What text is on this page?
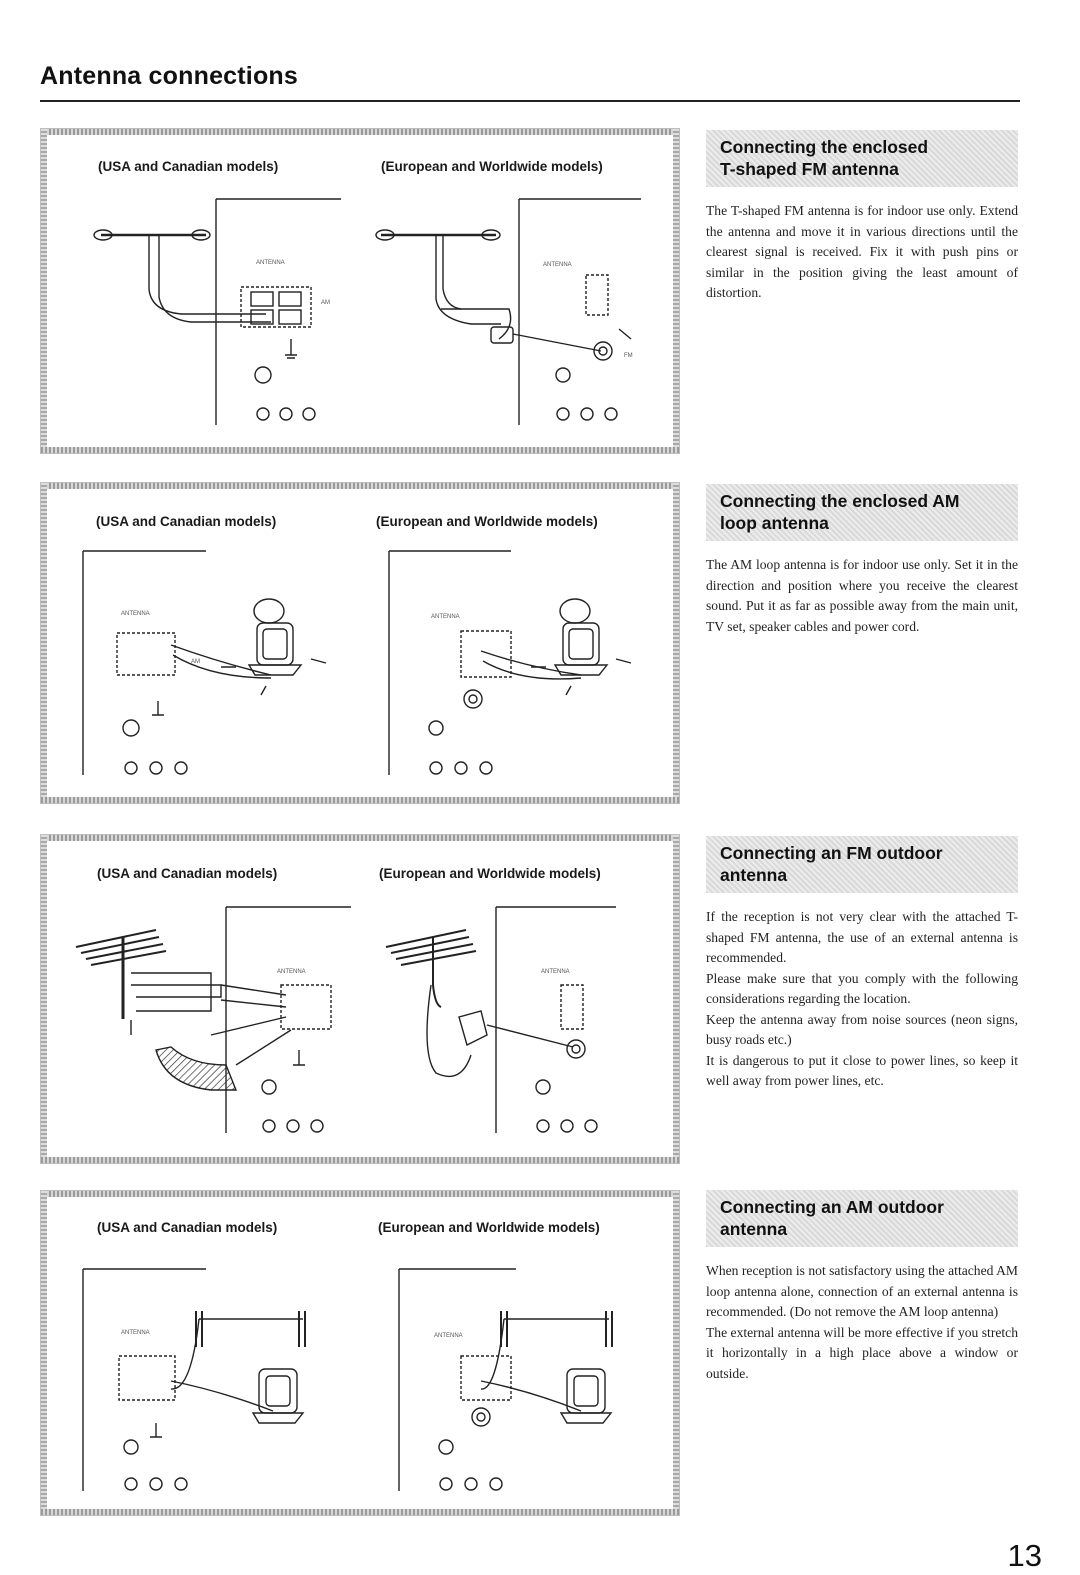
Antenna connections
(USA and Canadian models)	(European and Worldwide models)
ANTENNA
AM
ANTENNA
FM
(USA and Canadian models)	(European and Worldwide models)
ANTENNA
AM
ANTENNA
(USA and Canadian models)	(European and Worldwide models)
ANTENNA	ANTENNA
(USA and Canadian models)	(European and Worldwide models)
ANTENNA	ANTENNA
Connecting the enclosed
T-shaped FM antenna

The T-shaped FM antenna is for indoor use only. Extend the antenna and move it in various directions until the clearest signal is received. Fix it with push pins or similar in the position giving the least amount of distortion.

Connecting the enclosed AM
loop antenna

The AM loop antenna is for indoor use only. Set it in the direction and position where you receive the clearest sound. Put it as far as possible away from the main unit, TV set, speaker cables and power cord.

Connecting an FM outdoor
antenna

If the reception is not very clear with the attached T-shaped FM antenna, the use of an external antenna is recommended.

Please make sure that you comply with the following considerations regarding the location.

Keep the antenna away from noise sources (neon signs, busy roads etc.)

It is dangerous to put it close to power lines, so keep it well away from power lines, etc.

Connecting an AM outdoor
antenna

When reception is not satisfactory using the attached AM loop antenna alone, connection of an external antenna is recommended. (Do not remove the AM loop antenna)

The external antenna will be more effective if you stretch it horizontally in a high place above a window or outside.

13
